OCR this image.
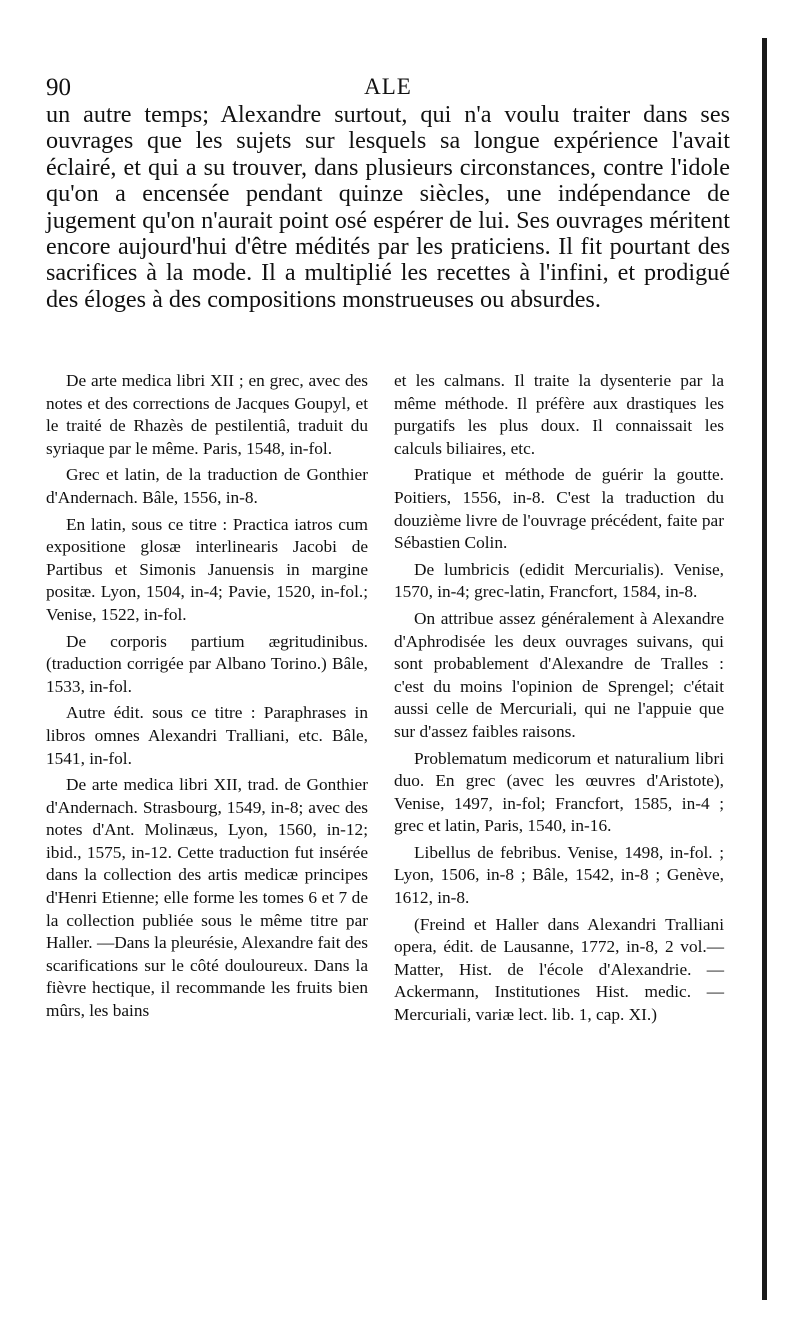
ALE
90

un autre temps; Alexandre surtout, qui n'a voulu traiter dans ses ouvrages que les sujets sur lesquels sa longue expérience l'avait éclairé, et qui a su trouver, dans plusieurs circonstances, contre l'idole qu'on a encensée pendant quinze siècles, une indépendance de jugement qu'on n'aurait point osé espérer de lui. Ses ouvrages méritent encore aujourd'hui d'être médités par les praticiens. Il fit pourtant des sacrifices à la mode. Il a multiplié les recettes à l'infini, et prodigué des éloges à des compositions monstrueuses ou absurdes.

De arte medica libri XII ; en grec, avec des notes et des corrections de Jacques Goupyl, et le traité de Rhazès de pestilentiâ, traduit du syriaque par le même. Paris, 1548, in-fol.

Grec et latin, de la traduction de Gonthier d'Andernach. Bâle, 1556, in-8.

En latin, sous ce titre : Practica iatros cum expositione glosæ interlinearis Jacobi de Partibus et Simonis Januensis in margine positæ. Lyon, 1504, in-4; Pavie, 1520, in-fol.; Venise, 1522, in-fol.

De corporis partium ægritudinibus. (traduction corrigée par Albano Torino.) Bâle, 1533, in-fol.

Autre édit. sous ce titre : Paraphrases in libros omnes Alexandri Tralliani, etc. Bâle, 1541, in-fol.

De arte medica libri XII, trad. de Gonthier d'Andernach. Strasbourg, 1549, in-8; avec des notes d'Ant. Molinæus, Lyon, 1560, in-12; ibid., 1575, in-12. Cette traduction fut insérée dans la collection des artis medicæ principes d'Henri Etienne; elle forme les tomes 6 et 7 de la collection publiée sous le même titre par Haller. —Dans la pleurésie, Alexandre fait des scarifications sur le côté douloureux. Dans la fièvre hectique, il recommande les fruits bien mûrs, les bains

et les calmans. Il traite la dysenterie par la même méthode. Il préfère aux drastiques les purgatifs les plus doux. Il connaissait les calculs biliaires, etc.

Pratique et méthode de guérir la goutte. Poitiers, 1556, in-8. C'est la traduction du douzième livre de l'ouvrage précédent, faite par Sébastien Colin.

De lumbricis (edidit Mercurialis). Venise, 1570, in-4; grec-latin, Francfort, 1584, in-8.

On attribue assez généralement à Alexandre d'Aphrodisée les deux ouvrages suivans, qui sont probablement d'Alexandre de Tralles : c'est du moins l'opinion de Sprengel; c'était aussi celle de Mercuriali, qui ne l'appuie que sur d'assez faibles raisons.

Problematum medicorum et naturalium libri duo. En grec (avec les œuvres d'Aristote), Venise, 1497, in-fol; Francfort, 1585, in-4 ; grec et latin, Paris, 1540, in-16.

Libellus de febribus. Venise, 1498, in-fol. ; Lyon, 1506, in-8 ; Bâle, 1542, in-8 ; Genève, 1612, in-8.

(Freind et Haller dans Alexandri Tralliani opera, édit. de Lausanne, 1772, in-8, 2 vol.—Matter, Hist. de l'école d'Alexandrie. — Ackermann, Institutiones Hist. medic. — Mercuriali, variæ lect. lib. 1, cap. XI.)
